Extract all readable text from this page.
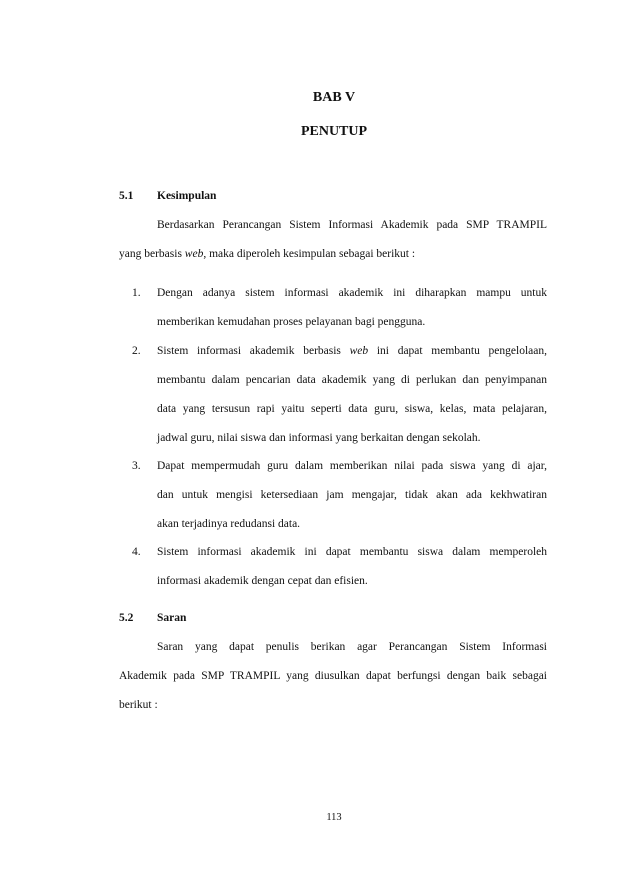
BAB V
PENUTUP
5.1 Kesimpulan
Berdasarkan Perancangan Sistem Informasi Akademik pada SMP TRAMPIL
yang berbasis web, maka diperoleh kesimpulan sebagai berikut :
1. Dengan adanya sistem informasi akademik ini diharapkan mampu untuk
memberikan kemudahan proses pelayanan bagi pengguna.
2. Sistem informasi akademik berbasis web ini dapat membantu pengelolaan,
membantu dalam pencarian data akademik yang di perlukan dan penyimpanan
data yang tersusun rapi yaitu seperti data guru, siswa, kelas, mata pelajaran,
jadwal guru, nilai siswa dan informasi yang berkaitan dengan sekolah.
3. Dapat mempermudah guru dalam memberikan nilai pada siswa yang di ajar,
dan untuk mengisi ketersediaan jam mengajar, tidak akan ada kekhwatiran
akan terjadinya redudansi data.
4. Sistem informasi akademik ini dapat membantu siswa dalam memperoleh
informasi akademik dengan cepat dan efisien.
5.2 Saran
Saran yang dapat penulis berikan agar Perancangan Sistem Informasi
Akademik pada SMP TRAMPIL yang diusulkan dapat berfungsi dengan baik sebagai
berikut :
113
